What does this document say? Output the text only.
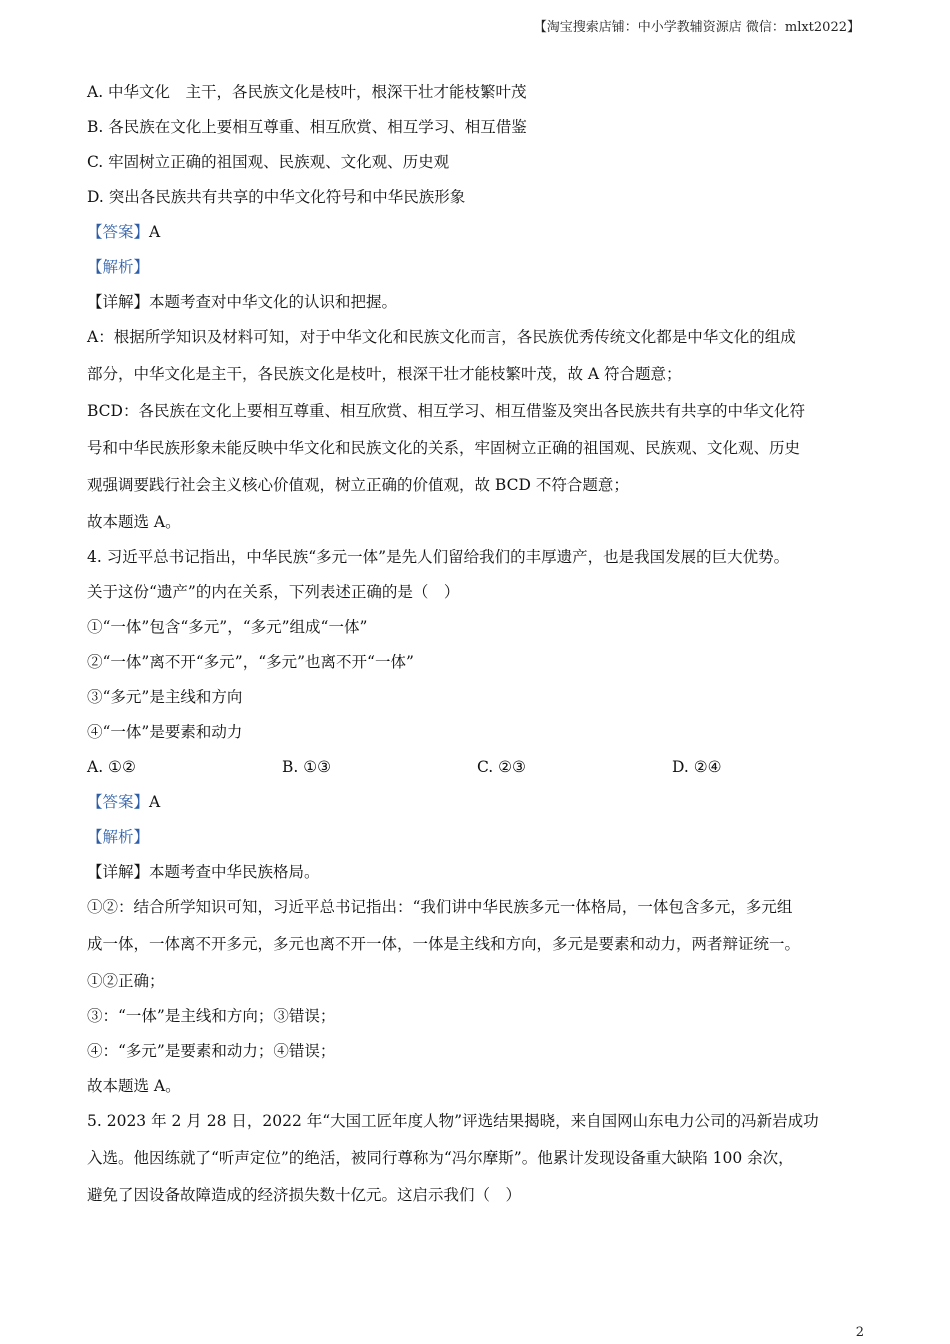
【淘宝搜索店铺：中小学教辅资源店 微信：mlxt2022】
A. 中华文化　主干，各民族文化是枝叶，根深干壮才能枝繁叶茂
B. 各民族在文化上要相互尊重、相互欣赏、相互学习、相互借鉴
C. 牢固树立正确的祖国观、民族观、文化观、历史观
D. 突出各民族共有共享的中华文化符号和中华民族形象
【答案】A
【解析】
【详解】本题考查对中华文化的认识和把握。
A：根据所学知识及材料可知，对于中华文化和民族文化而言，各民族优秀传统文化都是中华文化的组成
部分，中华文化是主干，各民族文化是枝叶，根深干壮才能枝繁叶茂，故 A 符合题意；
BCD：各民族在文化上要相互尊重、相互欣赏、相互学习、相互借鉴及突出各民族共有共享的中华文化符
号和中华民族形象未能反映中华文化和民族文化的关系，牢固树立正确的祖国观、民族观、文化观、历史
观强调要践行社会主义核心价值观，树立正确的价值观，故 BCD 不符合题意；
故本题选 A。
4. 习近平总书记指出，中华民族“多元一体”是先人们留给我们的丰厚遗产，也是我国发展的巨大优势。
关于这份“遗产”的内在关系，下列表述正确的是（　）
①“一体”包含“多元”，“多元”组成“一体”
②“一体”离不开“多元”，“多元”也离不开“一体”
③“多元”是主线和方向
④“一体”是要素和动力
A. ①②	B. ①③	C. ②③	D. ②④
【答案】A
【解析】
【详解】本题考查中华民族格局。
①②：结合所学知识可知，习近平总书记指出：“我们讲中华民族多元一体格局，一体包含多元，多元组
成一体，一体离不开多元，多元也离不开一体，一体是主线和方向，多元是要素和动力，两者辩证统一。
①②正确；
③：“一体”是主线和方向；③错误；
④：“多元”是要素和动力；④错误；
故本题选 A。
5. 2023 年 2 月 28 日，2022 年“大国工匠年度人物”评选结果揭晓，来自国网山东电力公司的冯新岩成功
入选。他因练就了“听声定位”的绝活，被同行尊称为“冯尔摩斯”。他累计发现设备重大缺陷 100 余次，
避免了因设备故障造成的经济损失数十亿元。这启示我们（　）
2
